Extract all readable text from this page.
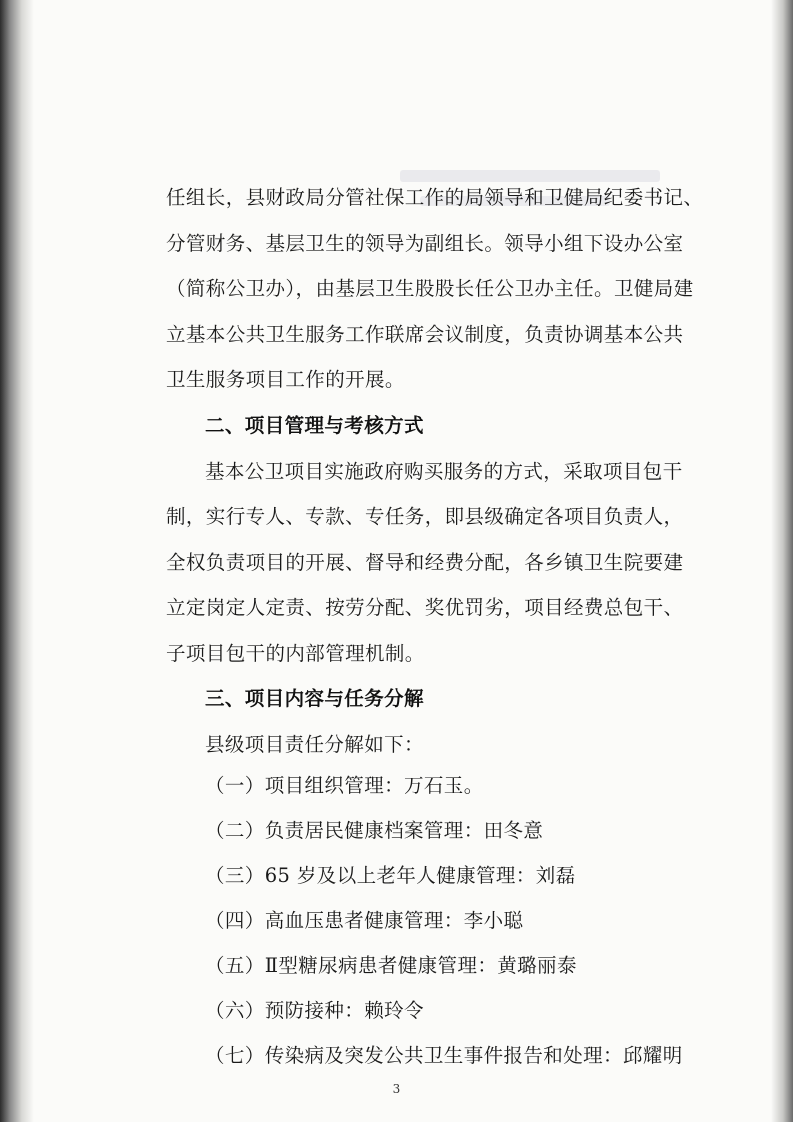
任组长，县财政局分管社保工作的局领导和卫健局纪委书记、
分管财务、基层卫生的领导为副组长。领导小组下设办公室
（简称公卫办），由基层卫生股股长任公卫办主任。卫健局建
立基本公共卫生服务工作联席会议制度，负责协调基本公共
卫生服务项目工作的开展。
二、项目管理与考核方式
基本公卫项目实施政府购买服务的方式，采取项目包干
制，实行专人、专款、专任务，即县级确定各项目负责人，
全权负责项目的开展、督导和经费分配，各乡镇卫生院要建
立定岗定人定责、按劳分配、奖优罚劣，项目经费总包干、
子项目包干的内部管理机制。
三、项目内容与任务分解
县级项目责任分解如下：
（一）项目组织管理：万石玉。
（二）负责居民健康档案管理：田冬意
（三）65 岁及以上老年人健康管理：刘磊
（四）高血压患者健康管理：李小聪
（五）Ⅱ型糖尿病患者健康管理：黄璐丽泰
（六）预防接种：赖玲令
（七）传染病及突发公共卫生事件报告和处理：邱耀明
3
